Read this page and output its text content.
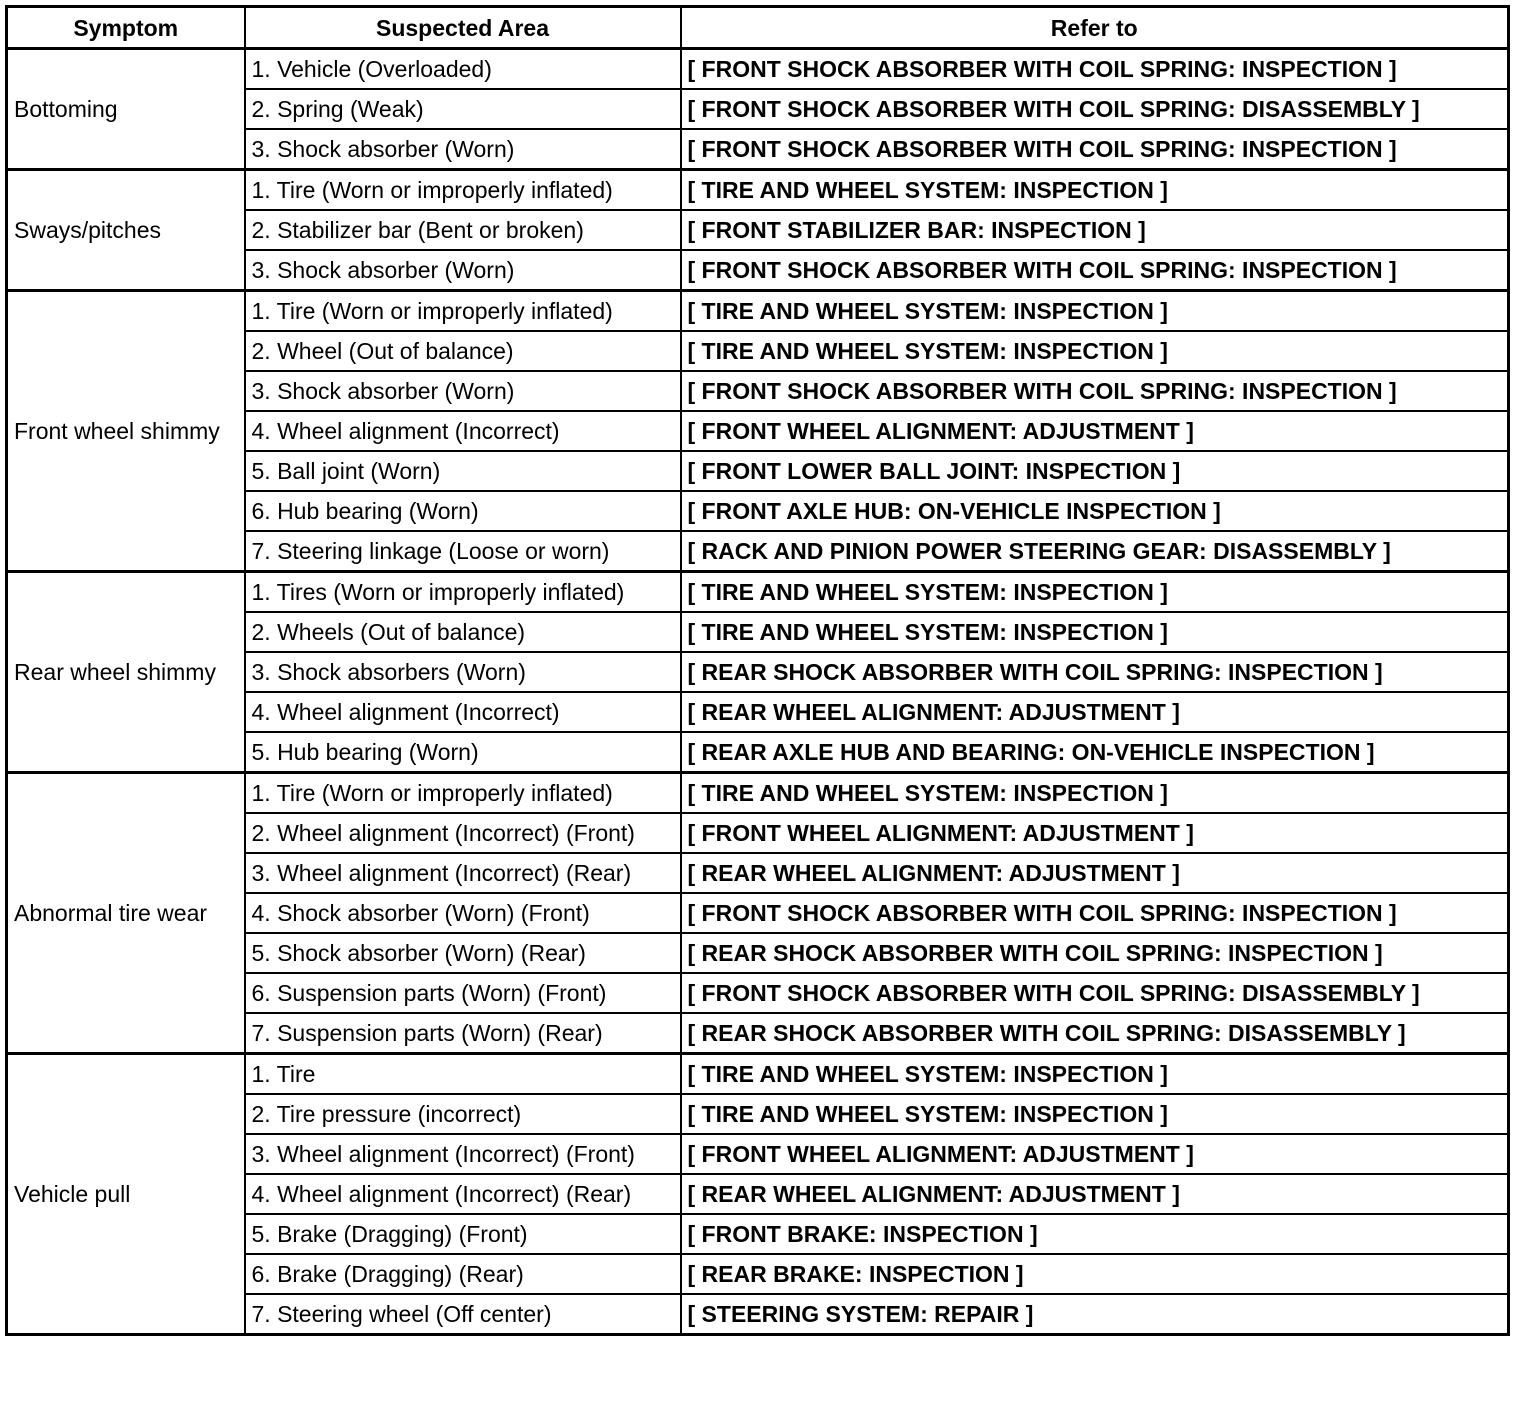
Symptom	Suspected Area	Refer to
Bottoming	1. Vehicle (Overloaded)	[ FRONT SHOCK ABSORBER WITH COIL SPRING: INSPECTION ]
	2. Spring (Weak)	[ FRONT SHOCK ABSORBER WITH COIL SPRING: DISASSEMBLY ]
	3. Shock absorber (Worn)	[ FRONT SHOCK ABSORBER WITH COIL SPRING: INSPECTION ]
Sways/pitches	1. Tire (Worn or improperly inflated)	[ TIRE AND WHEEL SYSTEM: INSPECTION ]
	2. Stabilizer bar (Bent or broken)	[ FRONT STABILIZER BAR: INSPECTION ]
	3. Shock absorber (Worn)	[ FRONT SHOCK ABSORBER WITH COIL SPRING: INSPECTION ]
Front wheel shimmy	1. Tire (Worn or improperly inflated)	[ TIRE AND WHEEL SYSTEM: INSPECTION ]
	2. Wheel (Out of balance)	[ TIRE AND WHEEL SYSTEM: INSPECTION ]
	3. Shock absorber (Worn)	[ FRONT SHOCK ABSORBER WITH COIL SPRING: INSPECTION ]
	4. Wheel alignment (Incorrect)	[ FRONT WHEEL ALIGNMENT: ADJUSTMENT ]
	5. Ball joint (Worn)	[ FRONT LOWER BALL JOINT: INSPECTION ]
	6. Hub bearing (Worn)	[ FRONT AXLE HUB: ON-VEHICLE INSPECTION ]
	7. Steering linkage (Loose or worn)	[ RACK AND PINION POWER STEERING GEAR: DISASSEMBLY ]
Rear wheel shimmy	1. Tires (Worn or improperly inflated)	[ TIRE AND WHEEL SYSTEM: INSPECTION ]
	2. Wheels (Out of balance)	[ TIRE AND WHEEL SYSTEM: INSPECTION ]
	3. Shock absorbers (Worn)	[ REAR SHOCK ABSORBER WITH COIL SPRING: INSPECTION ]
	4. Wheel alignment (Incorrect)	[ REAR WHEEL ALIGNMENT: ADJUSTMENT ]
	5. Hub bearing (Worn)	[ REAR AXLE HUB AND BEARING: ON-VEHICLE INSPECTION ]
Abnormal tire wear	1. Tire (Worn or improperly inflated)	[ TIRE AND WHEEL SYSTEM: INSPECTION ]
	2. Wheel alignment (Incorrect) (Front)	[ FRONT WHEEL ALIGNMENT: ADJUSTMENT ]
	3. Wheel alignment (Incorrect) (Rear)	[ REAR WHEEL ALIGNMENT: ADJUSTMENT ]
	4. Shock absorber (Worn) (Front)	[ FRONT SHOCK ABSORBER WITH COIL SPRING: INSPECTION ]
	5. Shock absorber (Worn) (Rear)	[ REAR SHOCK ABSORBER WITH COIL SPRING: INSPECTION ]
	6. Suspension parts (Worn) (Front)	[ FRONT SHOCK ABSORBER WITH COIL SPRING: DISASSEMBLY ]
	7. Suspension parts (Worn) (Rear)	[ REAR SHOCK ABSORBER WITH COIL SPRING: DISASSEMBLY ]
Vehicle pull	1. Tire	[ TIRE AND WHEEL SYSTEM: INSPECTION ]
	2. Tire pressure (incorrect)	[ TIRE AND WHEEL SYSTEM: INSPECTION ]
	3. Wheel alignment (Incorrect) (Front)	[ FRONT WHEEL ALIGNMENT: ADJUSTMENT ]
	4. Wheel alignment (Incorrect) (Rear)	[ REAR WHEEL ALIGNMENT: ADJUSTMENT ]
	5. Brake (Dragging) (Front)	[ FRONT BRAKE: INSPECTION ]
	6. Brake (Dragging) (Rear)	[ REAR BRAKE: INSPECTION ]
	7. Steering wheel (Off center)	[ STEERING SYSTEM: REPAIR ]
